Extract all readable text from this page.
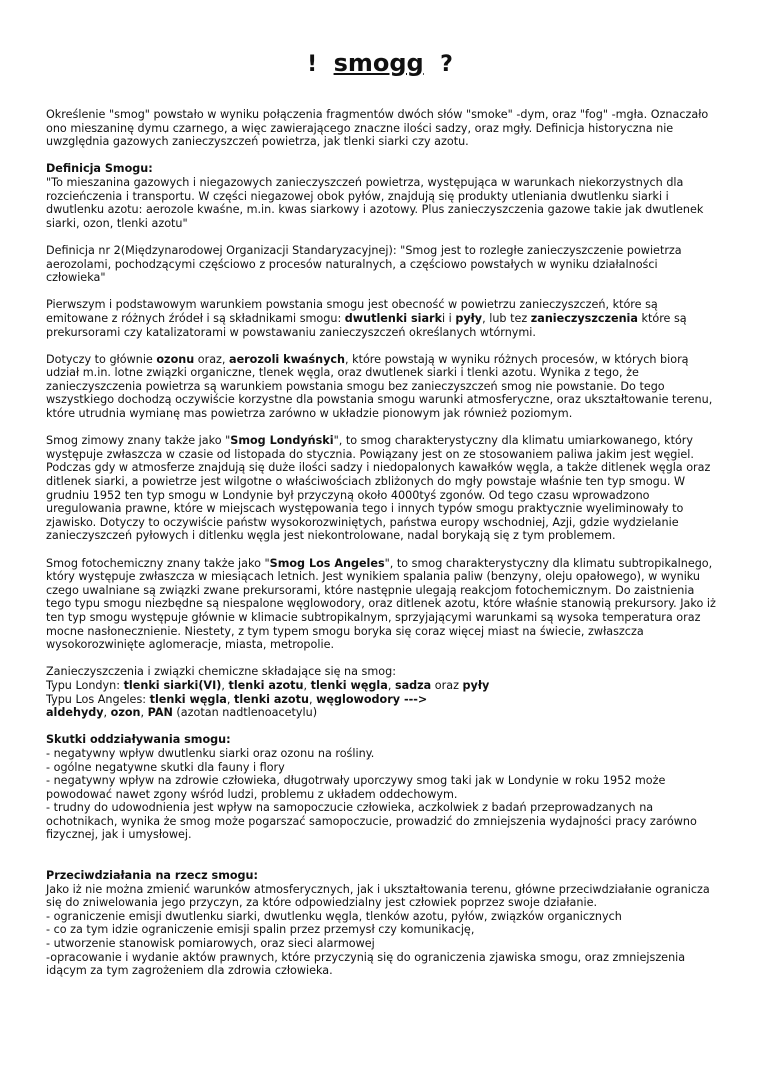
! smogg ?

Określenie "smog" powstało w wyniku połączenia fragmentów dwóch słów "smoke" -dym, oraz "fog" -mgła. Oznaczało ono mieszaninę dymu czarnego, a więc zawierającego znaczne ilości sadzy, oraz mgły. Definicja historyczna nie uwzględnia gazowych zanieczyszczeń powietrza, jak tlenki siarki czy azotu.

Definicja Smogu:
"To mieszanina gazowych i niegazowych zanieczyszczeń powietrza, występująca w warunkach niekorzystnych dla rozcieńczenia i transportu. W części niegazowej obok pyłów, znajdują się produkty utleniania dwutlenku siarki i dwutlenku azotu: aerozole kwaśne, m.in. kwas siarkowy i azotowy. Plus zanieczyszczenia gazowe takie jak dwutlenek siarki, ozon, tlenki azotu"

Definicja nr 2(Międzynarodowej Organizacji Standaryzacyjnej): "Smog jest to rozległe zanieczyszczenie powietrza aerozolami, pochodzącymi częściowo z procesów naturalnych, a częściowo powstałych w wyniku działalności człowieka"

Pierwszym i podstawowym warunkiem powstania smogu jest obecność w powietrzu zanieczyszczeń, które są emitowane z różnych źródeł i są składnikami smogu: dwutlenki siarki i pyły, lub tez zanieczyszczenia które są prekursorami czy katalizatorami w powstawaniu zanieczyszczeń określanych wtórnymi.

Dotyczy to głównie ozonu oraz, aerozoli kwaśnych, które powstają w wyniku różnych procesów, w których biorą udział m.in. lotne związki organiczne, tlenek węgla, oraz dwutlenek siarki i tlenki azotu. Wynika z tego, że zanieczyszczenia powietrza są warunkiem powstania smogu bez zanieczyszczeń smog nie powstanie. Do tego wszystkiego dochodzą oczywiście korzystne dla powstania smogu warunki atmosferyczne, oraz ukształtowanie terenu, które utrudnia wymianę mas powietrza zarówno w układzie pionowym jak również poziomym.

Smog zimowy znany także jako "Smog Londyński", to smog charakterystyczny dla klimatu umiarkowanego, który występuje zwłaszcza w czasie od listopada do stycznia. Powiązany jest on ze stosowaniem paliwa jakim jest węgiel. Podczas gdy w atmosferze znajdują się duże ilości sadzy i niedopalonych kawałków węgla, a także ditlenek węgla oraz ditlenek siarki, a powietrze jest wilgotne o właściwościach zbliżonych do mgły powstaje właśnie ten typ smogu. W grudniu 1952 ten typ smogu w Londynie był przyczyną około 4000tyś zgonów. Od tego czasu wprowadzono uregulowania prawne, które w miejscach występowania tego i innych typów smogu praktycznie wyeliminowały to zjawisko. Dotyczy to oczywiście państw wysokorozwiniętych, państwa europy wschodniej, Azji, gdzie wydzielanie zanieczyszczeń pyłowych i ditlenku węgla jest niekontrolowane, nadal borykają się z tym problemem.

Smog fotochemiczny znany także jako "Smog Los Angeles", to smog charakterystyczny dla klimatu subtropikalnego, który występuje zwłaszcza w miesiącach letnich. Jest wynikiem spalania paliw (benzyny, oleju opałowego), w wyniku czego uwalniane są związki zwane prekursorami, które następnie ulegają reakcjom fotochemicznym. Do zaistnienia tego typu smogu niezbędne są niespalone węglowodory, oraz ditlenek azotu, które właśnie stanowią prekursory. Jako iż ten typ smogu występuje głównie w klimacie subtropikalnym, sprzyjającymi warunkami są wysoka temperatura oraz mocne nasłonecznienie. Niestety, z tym typem smogu boryka się coraz więcej miast na świecie, zwłaszcza wysokorozwinięte aglomeracje, miasta, metropolie.

Zanieczyszczenia i związki chemiczne składające się na smog:
Typu Londyn: tlenki siarki(VI), tlenki azotu, tlenki węgla, sadza oraz pyły
Typu Los Angeles: tlenki węgla, tlenki azotu, węglowodory --->
aldehydy, ozon, PAN (azotan nadtlenoacetylu)

Skutki oddziaływania smogu:
- negatywny wpływ dwutlenku siarki oraz ozonu na rośliny.
- ogólne negatywne skutki dla fauny i flory
- negatywny wpływ na zdrowie człowieka, długotrwały uporczywy smog taki jak w Londynie w roku 1952 może powodować nawet zgony wśród ludzi, problemu z układem oddechowym.
- trudny do udowodnienia jest wpływ na samopoczucie człowieka, aczkolwiek z badań przeprowadzanych na ochotnikach, wynika że smog może pogarszać samopoczucie, prowadzić do zmniejszenia wydajności pracy zarówno fizycznej, jak i umysłowej.

Przeciwdziałania na rzecz smogu:
Jako iż nie można zmienić warunków atmosferycznych, jak i ukształtowania terenu, główne przeciwdziałanie ogranicza się do zniwelowania jego przyczyn, za które odpowiedzialny jest człowiek poprzez swoje działanie.
- ograniczenie emisji dwutlenku siarki, dwutlenku węgla, tlenków azotu, pyłów, związków organicznych
- co za tym idzie ograniczenie emisji spalin przez przemysł czy komunikację,
- utworzenie stanowisk pomiarowych, oraz sieci alarmowej
-opracowanie i wydanie aktów prawnych, które przyczynią się do ograniczenia zjawiska smogu, oraz zmniejszenia idącym za tym zagrożeniem dla zdrowia człowieka.
